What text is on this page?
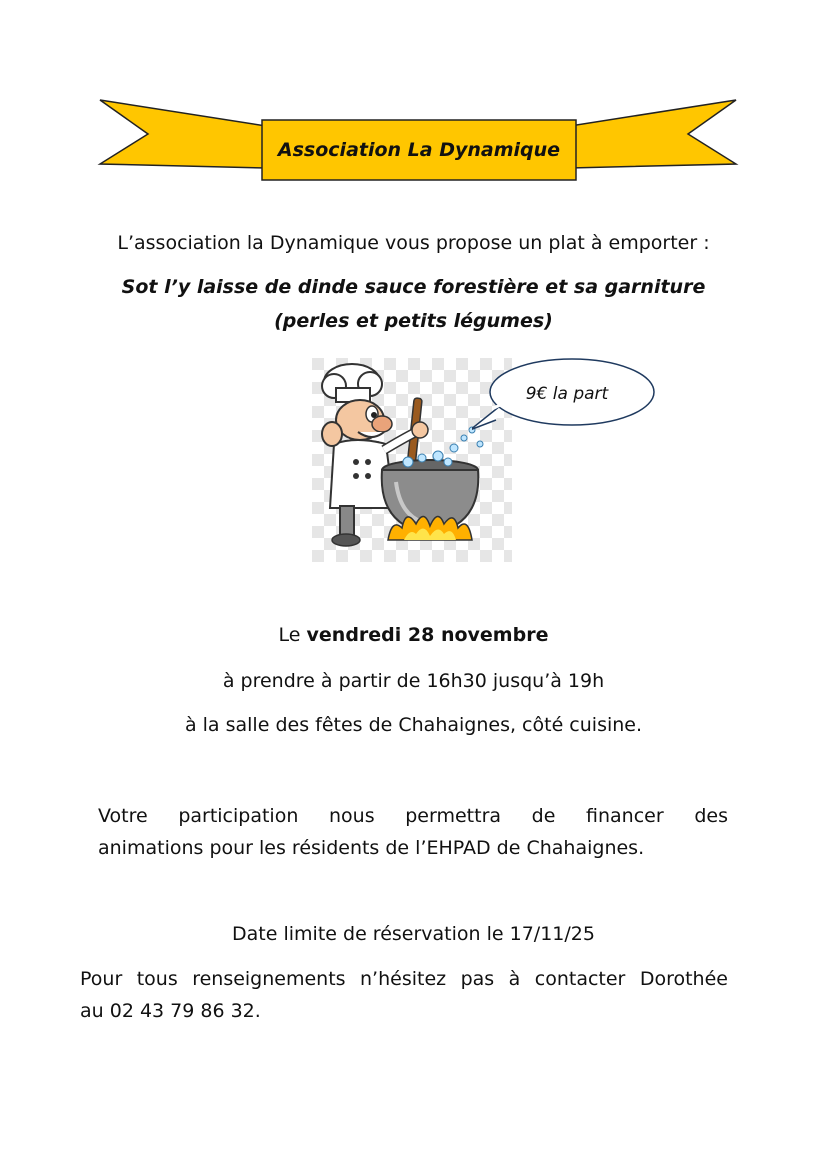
Association La Dynamique
L’association la Dynamique vous propose un plat à emporter :
Sot l’y laisse de dinde sauce forestière et sa garniture
(perles et petits légumes)
9€ la part
Le vendredi 28 novembre
à prendre à partir de 16h30 jusqu’à 19h
à la salle des fêtes de Chahaignes, côté cuisine.
Votre participation nous permettra de financer des
animations pour les résidents de l’EHPAD de Chahaignes.
Date limite de réservation le 17/11/25
Pour tous renseignements n’hésitez pas à contacter Dorothée
au 02 43 79 86 32.
